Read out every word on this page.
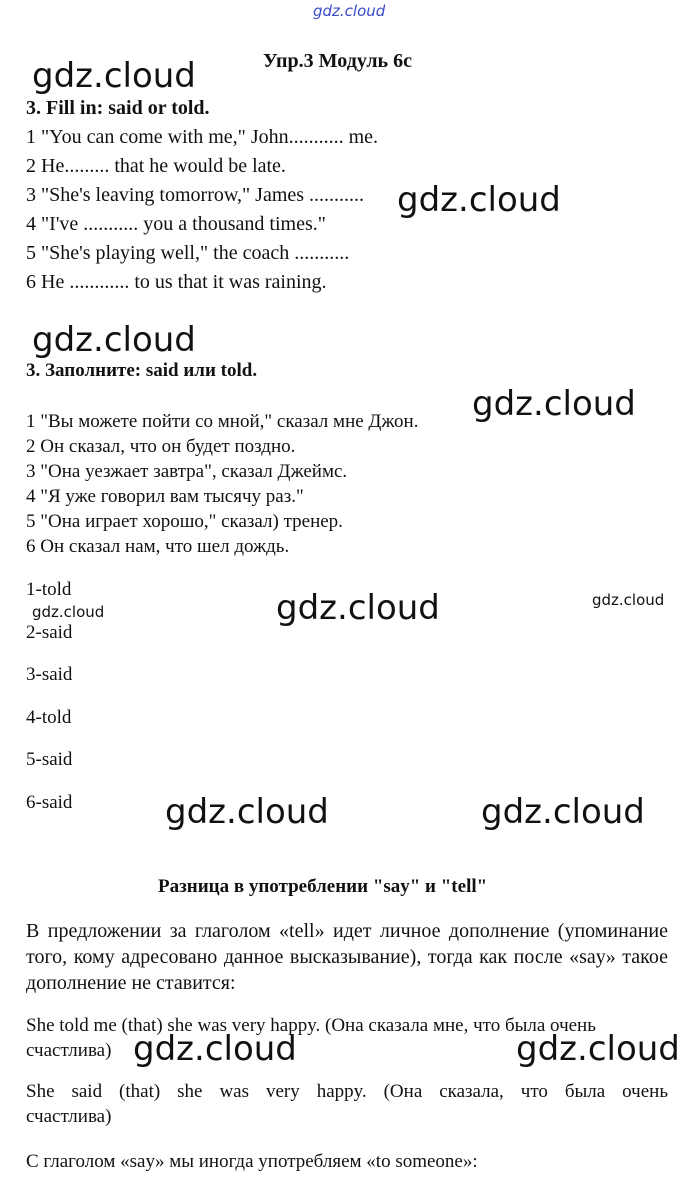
gdz.cloud
Упр.3 Модуль 6с
3. Fill in: said or told.
1 "You can come with me," John........... me.
2 He......... that he would be late.
3 "She's leaving tomorrow," James ...........
4 "I've ........... you a thousand times."
5 "She's playing well," the coach ...........
6 He ............ to us that it was raining.
3. Заполните: said или told.
1 "Вы можете пойти со мной," сказал мне Джон.
2 Он сказал, что он будет поздно.
3 "Она уезжает завтра", сказал Джеймс.
4 "Я уже говорил вам тысячу раз."
5 "Она играет хорошо," сказал) тренер.
6 Он сказал нам, что шел дождь.
1-told
2-said
3-said
4-told
5-said
6-said
Разница в употреблении "say" и "tell"
В предложении за глаголом «tell» идет личное дополнение (упоминание того, кому адресовано данное высказывание), тогда как после «say» такое дополнение не ставится:
She told me (that) she was very happy. (Она сказала мне, что была очень
счастлива)
She said (that) she was very happy. (Она сказала, что была очень
счастлива)
С глаголом «say» мы иногда употребляем «to someone»:
gdz.cloud
gdz.cloud
gdz.cloud
gdz.cloud
gdz.cloud	gdz.cloud	gdz.cloud
gdz.cloud	gdz.cloud
gdz.cloud	gdz.cloud
